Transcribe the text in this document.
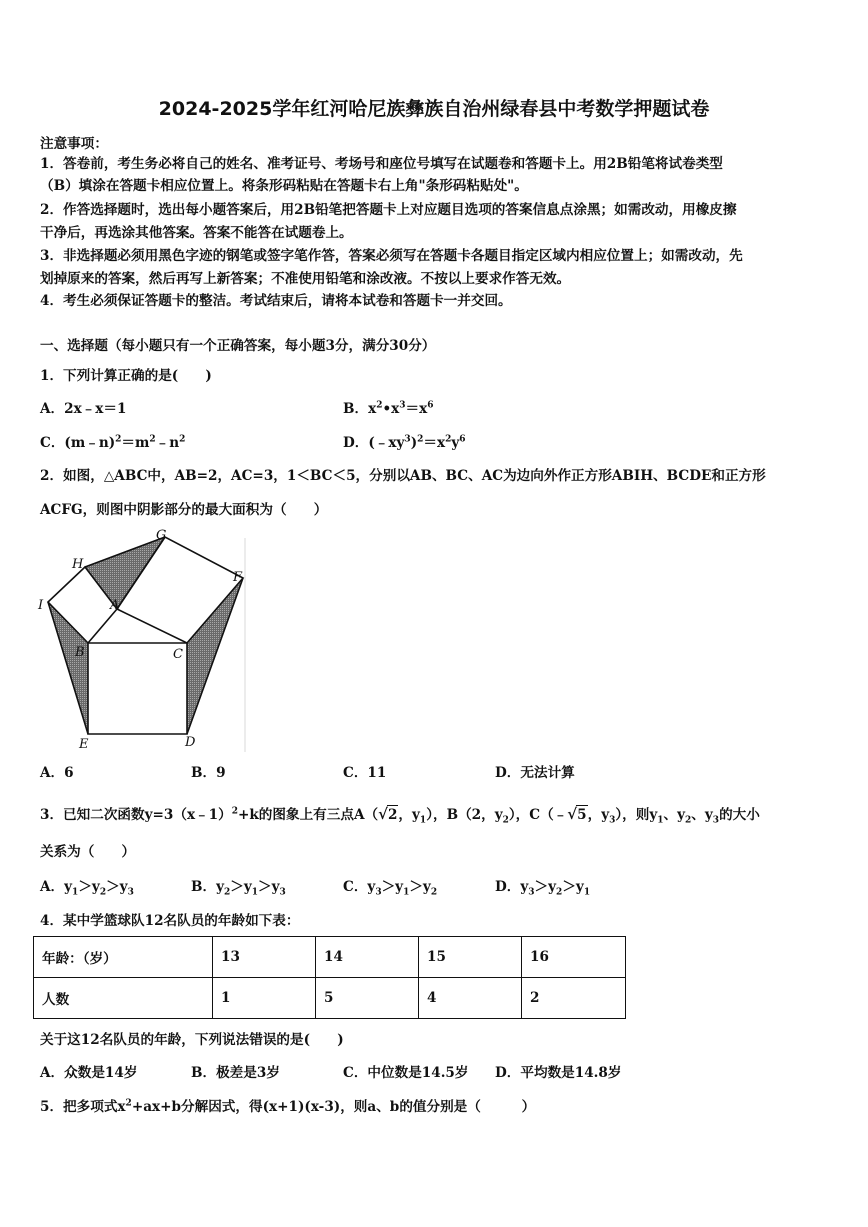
2024-2025学年红河哈尼族彝族自治州绿春县中考数学押题试卷
注意事项：
1．答卷前，考生务必将自己的姓名、准考证号、考场号和座位号填写在试题卷和答题卡上。用2B铅笔将试卷类型
（B）填涂在答题卡相应位置上。将条形码粘贴在答题卡右上角"条形码粘贴处"。
2．作答选择题时，选出每小题答案后，用2B铅笔把答题卡上对应题目选项的答案信息点涂黑；如需改动，用橡皮擦
干净后，再选涂其他答案。答案不能答在试题卷上。
3．非选择题必须用黑色字迹的钢笔或签字笔作答，答案必须写在答题卡各题目指定区域内相应位置上；如需改动，先
划掉原来的答案，然后再写上新答案；不准使用铅笔和涂改液。不按以上要求作答无效。
4．考生必须保证答题卡的整洁。考试结束后，请将本试卷和答题卡一并交回。
一、选择题（每小题只有一个正确答案，每小题3分，满分30分）
1．下列计算正确的是(　　)
A．2x﹣x＝1	B．$x^2•x^3=x^6$
C．$(m﹣n)^2=m^2﹣n^2$	D．$(﹣xy^3)^2=x^2y^6$
2．如图，△ABC中，AB=2，AC=3，1＜BC＜5，分别以AB、BC、AC为边向外作正方形ABIH、BCDE和正方形
ACFG，则图中阴影部分的最大面积为（　　）
G
H
F
I	A
B	C
E	D
A．6	B．9	C．11	D．无法计算
3．已知二次函数y=3（x﹣1）$^2$+k的图象上有三点A（√2，$y_1$），B（2，$y_2$），C（﹣√5，$y_3$），则$y_1$、$y_2$、$y_3$的大小
关系为（　　）
A．$y_1>y_2>y_3$	B．$y_2>y_1>y_3$	C．$y_3>y_1>y_2$	D．$y_3>y_2>y_1$
4．某中学篮球队12名队员的年龄如下表：
年龄：（岁）	13	14	15	16
人数	1	5	4	2
关于这12名队员的年龄，下列说法错误的是(　　)
A．众数是14岁	B．极差是3岁	C．中位数是14.5岁 D．平均数是14.8岁
5．把多项式$x^2+ax+b$分解因式，得(x+1)(x-3)，则a、b的值分别是（　　　）
